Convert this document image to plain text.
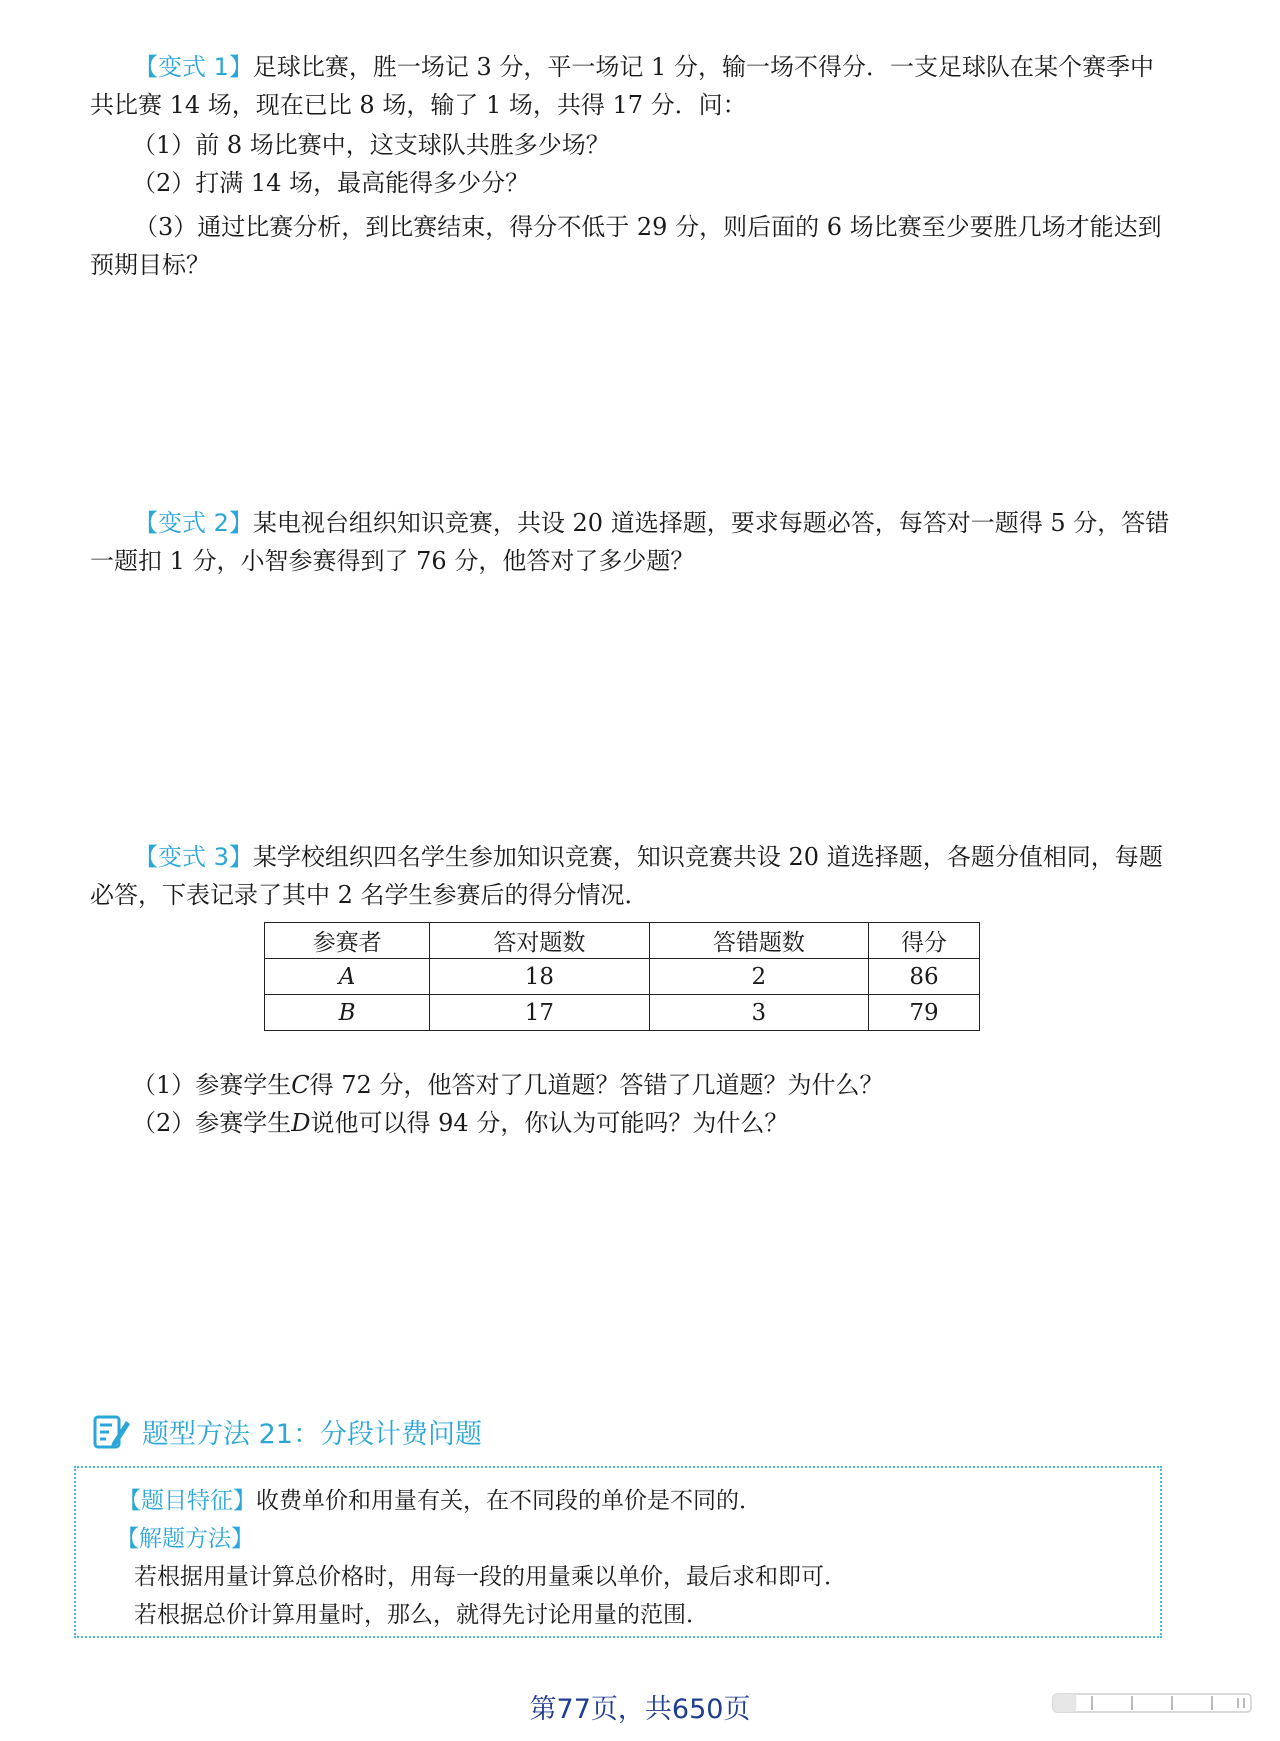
【变式 1】足球比赛，胜一场记 3 分，平一场记 1 分，输一场不得分．一支足球队在某个赛季中共比赛 14 场，现在已比 8 场，输了 1 场，共得 17 分．问：

（1）前 8 场比赛中，这支球队共胜多少场？

（2）打满 14 场，最高能得多少分？

（3）通过比赛分析，到比赛结束，得分不低于 29 分，则后面的 6 场比赛至少要胜几场才能达到预期目标？

【变式 2】某电视台组织知识竞赛，共设 20 道选择题，要求每题必答，每答对一题得 5 分，答错一题扣 1 分，小智参赛得到了 76 分，他答对了多少题？

【变式 3】某学校组织四名学生参加知识竞赛，知识竞赛共设 20 道选择题，各题分值相同，每题必答，下表记录了其中 2 名学生参赛后的得分情况．

参赛者	答对题数	答错题数	得分
A	18	2	86
B	17	3	79

（1）参赛学生C得 72 分，他答对了几道题？答错了几道题？为什么？

（2）参赛学生D说他可以得 94 分，你认为可能吗？为什么？

题型方法 21：分段计费问题

【题目特征】收费单价和用量有关，在不同段的单价是不同的．

【解题方法】

若根据用量计算总价格时，用每一段的用量乘以单价，最后求和即可．

若根据总价计算用量时，那么，就得先讨论用量的范围．

第77页，共650页
